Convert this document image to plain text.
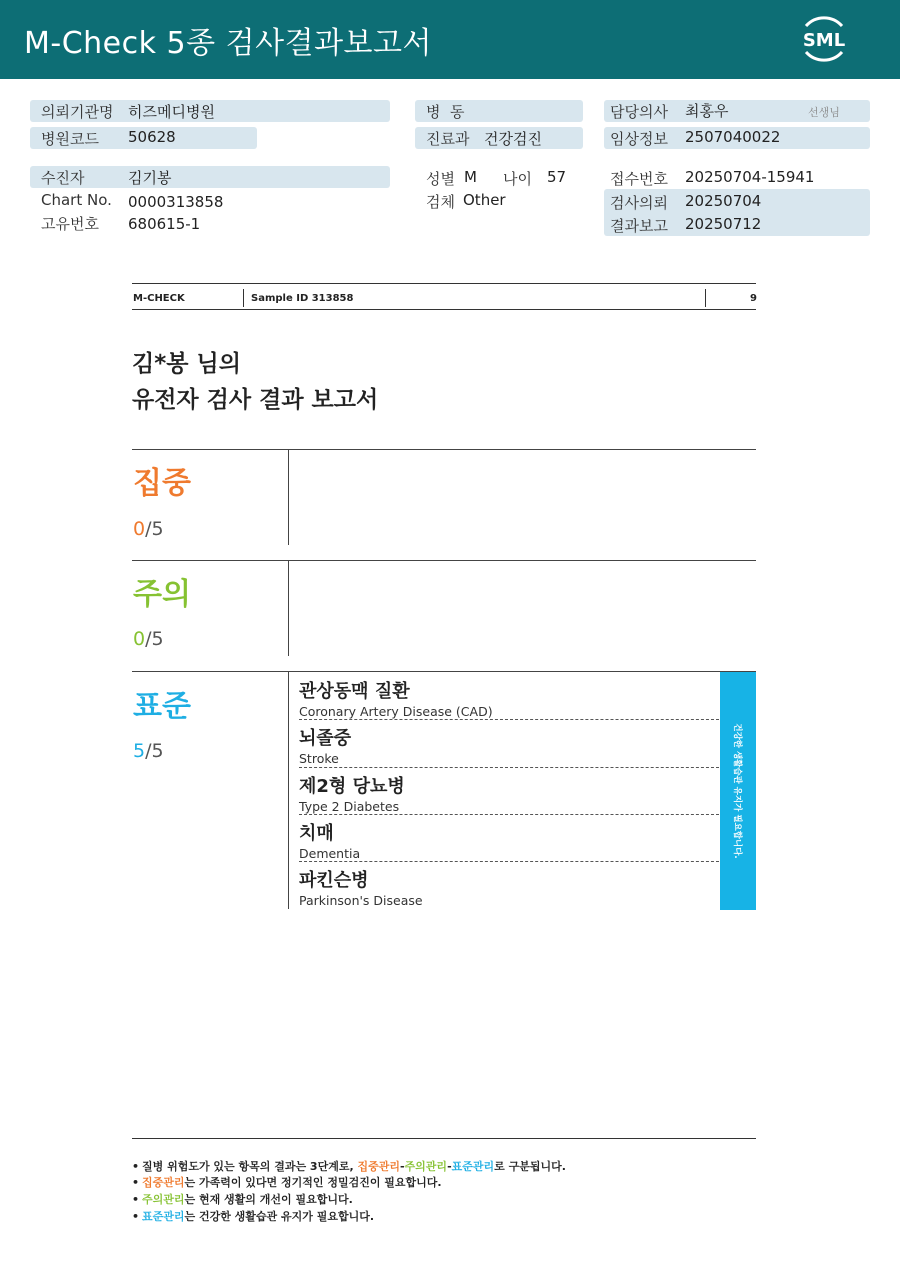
M-Check 5종 검사결과보고서	SML
의뢰기관명 히즈메디병원
병원코드 50628
병  동
진료과 건강검진
담당의사 최홍우	선생님
임상정보 2507040022
수진자	김기봉
Chart No. 0000313858
고유번호 680615-1
성별 M 나이 57
검체 Other
접수번호 20250704-15941
검사의뢰 20250704
결과보고 20250712
M-CHECK	Sample ID 313858	9
김*봉 님의
유전자 검사 결과 보고서
집중
0/5
주의
0/5
표준
5/5
관상동맥 질환
Coronary Artery Disease (CAD)
뇌졸중
Stroke
제2형 당뇨병
Type 2 Diabetes
치매
Dementia
파킨슨병
Parkinson's Disease
건강한 생활습관 유지가 필요합니다.
• 질병 위험도가 있는 항목의 결과는 3단계로, 집중관리-주의관리-표준관리로 구분됩니다.
• 집중관리는 가족력이 있다면 정기적인 정밀검진이 필요합니다.
• 주의관리는 현재 생활의 개선이 필요합니다.
• 표준관리는 건강한 생활습관 유지가 필요합니다.
